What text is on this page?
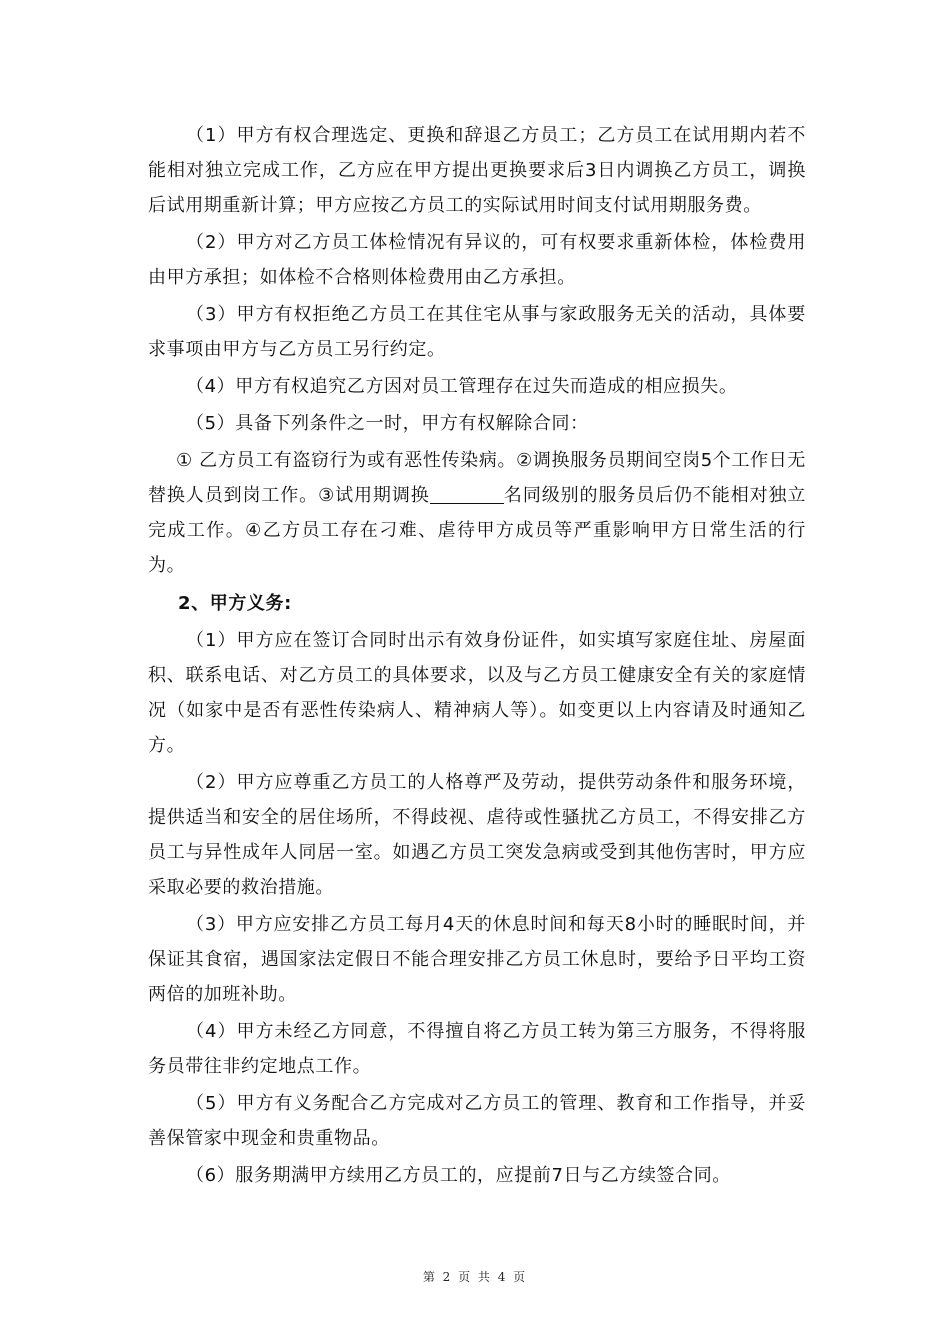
（1）甲方有权合理选定、更换和辞退乙方员工；乙方员工在试用期内若不能相对独立完成工作，乙方应在甲方提出更换要求后3日内调换乙方员工，调换后试用期重新计算；甲方应按乙方员工的实际试用时间支付试用期服务费。

（2）甲方对乙方员工体检情况有异议的，可有权要求重新体检，体检费用由甲方承担；如体检不合格则体检费用由乙方承担。

（3）甲方有权拒绝乙方员工在其住宅从事与家政服务无关的活动，具体要求事项由甲方与乙方员工另行约定。

（4）甲方有权追究乙方因对员工管理存在过失而造成的相应损失。

（5）具备下列条件之一时，甲方有权解除合同：

① 乙方员工有盗窃行为或有恶性传染病。②调换服务员期间空岗5个工作日无替换人员到岗工作。③试用期调换	名同级别的服务员后仍不能相对独立完成工作。④乙方员工存在刁难、虐待甲方成员等严重影响甲方日常生活的行为。

2、甲方义务:

（1）甲方应在签订合同时出示有效身份证件，如实填写家庭住址、房屋面积、联系电话、对乙方员工的具体要求，以及与乙方员工健康安全有关的家庭情况（如家中是否有恶性传染病人、精神病人等）。如变更以上内容请及时通知乙方。

（2）甲方应尊重乙方员工的人格尊严及劳动，提供劳动条件和服务环境，提供适当和安全的居住场所，不得歧视、虐待或性骚扰乙方员工，不得安排乙方员工与异性成年人同居一室。如遇乙方员工突发急病或受到其他伤害时，甲方应采取必要的救治措施。

（3）甲方应安排乙方员工每月4天的休息时间和每天8小时的睡眠时间，并保证其食宿，遇国家法定假日不能合理安排乙方员工休息时，要给予日平均工资两倍的加班补助。

（4）甲方未经乙方同意，不得擅自将乙方员工转为第三方服务，不得将服务员带往非约定地点工作。

（5）甲方有义务配合乙方完成对乙方员工的管理、教育和工作指导，并妥善保管家中现金和贵重物品。

（6）服务期满甲方续用乙方员工的，应提前7日与乙方续签合同。

第 2 页 共 4 页
